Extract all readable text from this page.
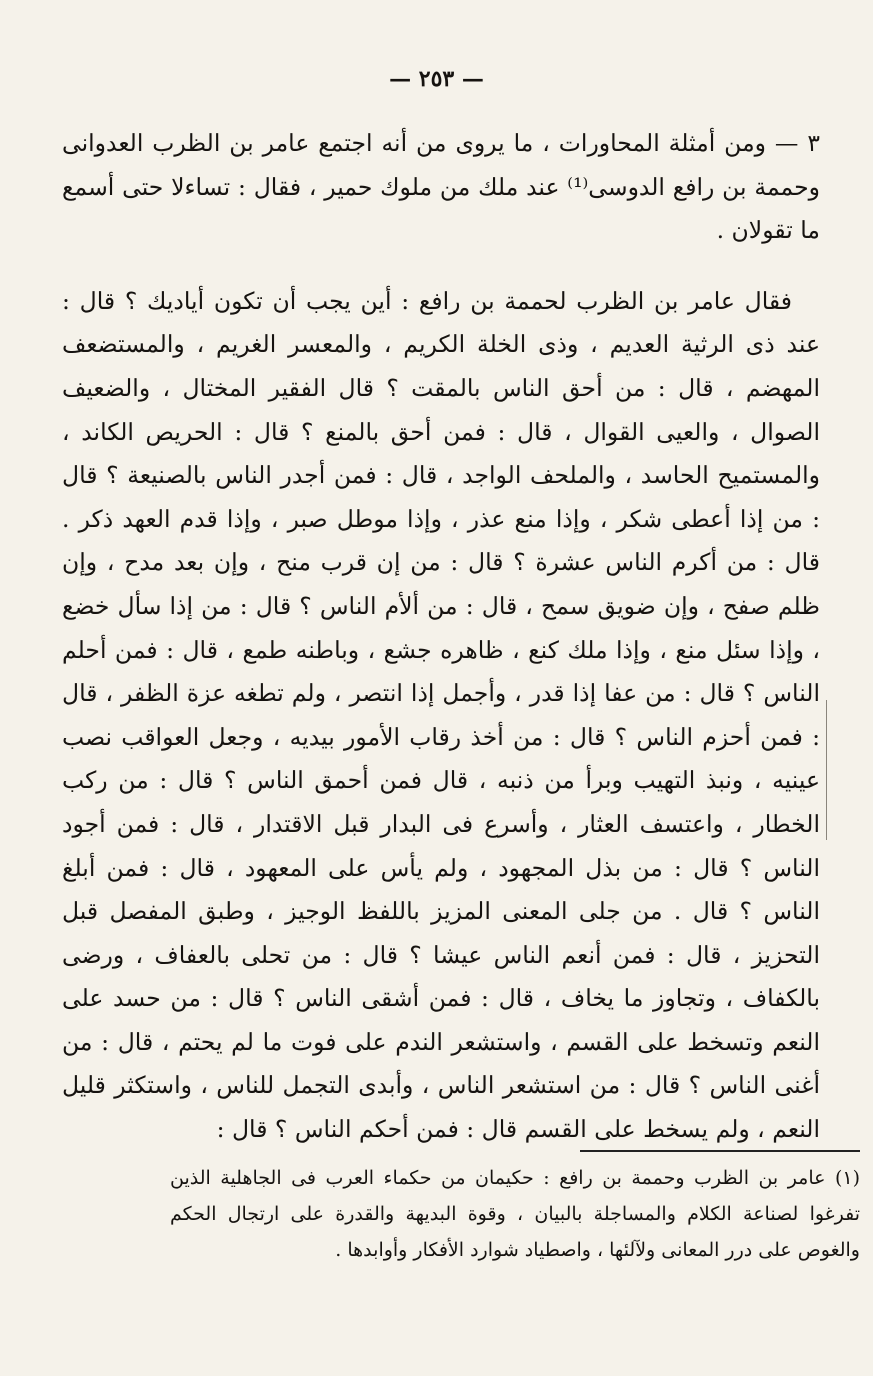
— ٢٥٣ —

٣ — ومن أمثلة المحاورات ، ما يروى من أنه اجتمع عامر بن الظرب العدوانى وحممة بن رافع الدوسى⁽¹⁾ عند ملك من ملوك حمير ، فقال : تساءلا حتى أسمع ما تقولان .

فقال عامر بن الظرب لحممة بن رافع : أين يجب أن تكون أياديك ؟ قال : عند ذى الرثية العديم ، وذى الخلة الكريم ، والمعسر الغريم ، والمستضعف المهضم ، قال : من أحق الناس بالمقت ؟ قال الفقير المختال ، والضعيف الصوال ، والعيى القوال ، قال : فمن أحق بالمنع ؟ قال : الحريص الكاند ، والمستميح الحاسد ، والملحف الواجد ، قال : فمن أجدر الناس بالصنيعة ؟ قال : من إذا أعطى شكر ، وإذا منع عذر ، وإذا موطل صبر ، وإذا قدم العهد ذكر . قال : من أكرم الناس عشرة ؟ قال : من إن قرب منح ، وإن بعد مدح ، وإن ظلم صفح ، وإن ضويق سمح ، قال : من ألأم الناس ؟ قال : من إذا سأل خضع ، وإذا سئل منع ، وإذا ملك كنع ، ظاهره جشع ، وباطنه طمع ، قال : فمن أحلم الناس ؟ قال : من عفا إذا قدر ، وأجمل إذا انتصر ، ولم تطغه عزة الظفر ، قال : فمن أحزم الناس ؟ قال : من أخذ رقاب الأمور بيديه ، وجعل العواقب نصب عينيه ، ونبذ التهيب وبرأ من ذنبه ، قال فمن أحمق الناس ؟ قال : من ركب الخطار ، واعتسف العثار ، وأسرع فى البدار قبل الاقتدار ، قال : فمن أجود الناس ؟ قال : من بذل المجهود ، ولم يأس على المعهود ، قال : فمن أبلغ الناس ؟ قال . من جلى المعنى المزيز باللفظ الوجيز ، وطبق المفصل قبل التحزيز ، قال : فمن أنعم الناس عيشا ؟ قال : من تحلى بالعفاف ، ورضى بالكفاف ، وتجاوز ما يخاف ، قال : فمن أشقى الناس ؟ قال : من حسد على النعم وتسخط على القسم ، واستشعر الندم على فوت ما لم يحتم ، قال : من أغنى الناس ؟ قال : من استشعر الناس ، وأبدى التجمل للناس ، واستكثر قليل النعم ، ولم يسخط على القسم قال : فمن أحكم الناس ؟ قال :

(١) عامر بن الظرب وحممة بن رافع : حكيمان من حكماء العرب فى الجاهلية الذين تفرغوا لصناعة الكلام والمساجلة بالبيان ، وقوة البديهة والقدرة على ارتجال الحكم والغوص على درر المعانى ولآلئها ، واصطياد شوارد الأفكار وأوابدها .
